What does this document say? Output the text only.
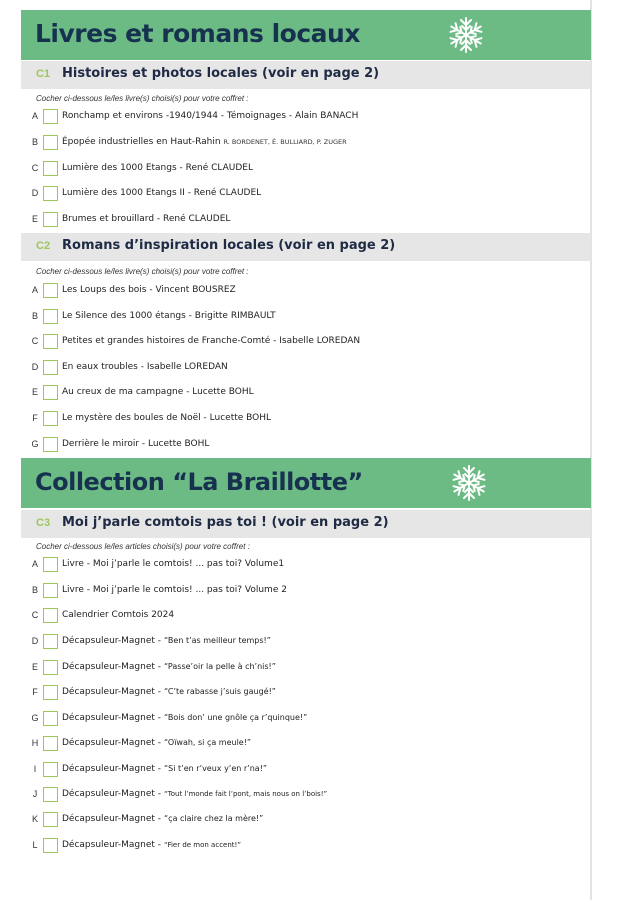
Livres et romans locaux
C1 Histoires et photos locales (voir en page 2)
Cocher ci-dessous le/les livre(s) choisi(s) pour votre coffret :
A	Ronchamp et environs -1940/1944 - Témoignages - Alain BANACH
B	Épopée industrielles en Haut-Rahin R. BORDENET, É. BULLIARD, P. ZUGER
C	Lumière des 1000 Etangs - René CLAUDEL
D	Lumière des 1000 Etangs II - René CLAUDEL
E	Brumes et brouillard - René CLAUDEL
C2 Romans d’inspiration locales (voir en page 2)
Cocher ci-dessous le/les livre(s) choisi(s) pour votre coffret :
A	Les Loups des bois - Vincent BOUSREZ
B	Le Silence des 1000 étangs - Brigitte RIMBAULT
C	Petites et grandes histoires de Franche-Comté - Isabelle LOREDAN
D	En eaux troubles - Isabelle LOREDAN
E	Au creux de ma campagne - Lucette BOHL
F	Le mystère des boules de Noël - Lucette BOHL
G	Derrière le miroir - Lucette BOHL
Collection “La Braillotte”
C3 Moi j’parle comtois pas toi ! (voir en page 2)
Cocher ci-dessous le/les articles choisi(s) pour votre coffret :
A	Livre - Moi j’parle le comtois! ... pas toi? Volume1
B	Livre - Moi j’parle le comtois! ... pas toi? Volume 2
C	Calendrier Comtois 2024
D	Décapsuleur-Magnet - “Ben t’as meilleur temps!”
E	Décapsuleur-Magnet - “Passe’oir la pelle à ch’nis!”
F	Décapsuleur-Magnet - “C’te rabasse j’suis gaugé!”
G	Décapsuleur-Magnet - “Bois don’ une gnôle ça r’quinque!”
H	Décapsuleur-Magnet - “Oïwah, si ça meule!”
I	Décapsuleur-Magnet - “Si t’en r’veux y’en r’na!”
J	Décapsuleur-Magnet - “Tout l’monde fait l’pont, mais nous on l’bois!”
K	Décapsuleur-Magnet - “ça claire chez la mère!”
L	Décapsuleur-Magnet - “Fier de mon accent!”
